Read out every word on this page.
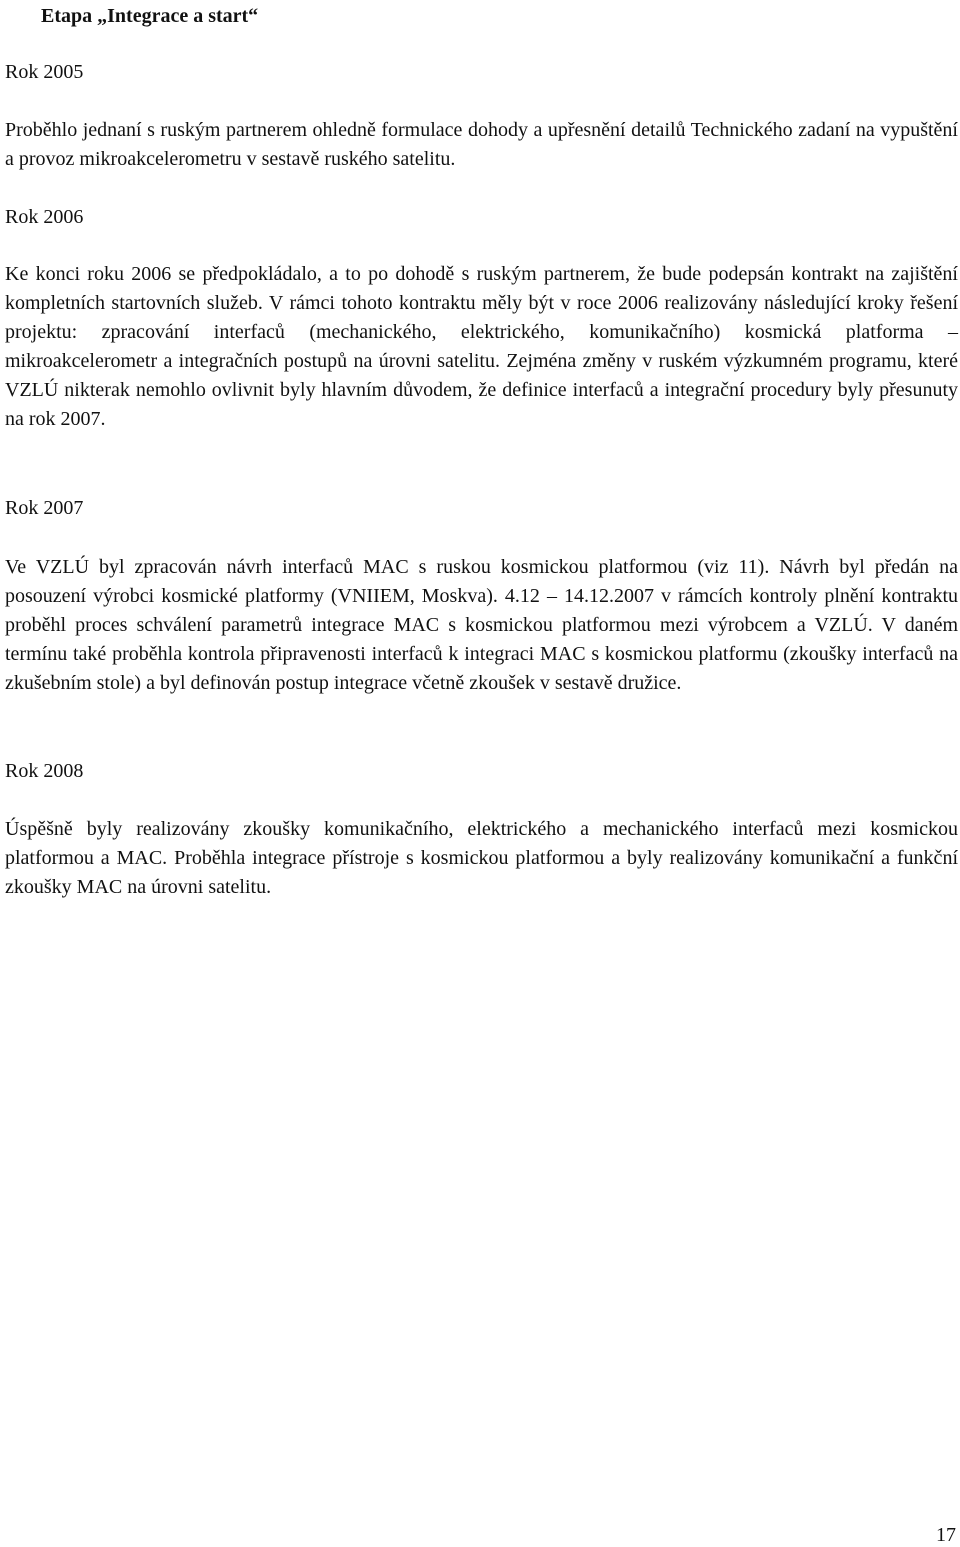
Etapa „Integrace a start“

Rok 2005

Proběhlo jednaní s ruským partnerem ohledně formulace dohody a upřesnění detailů Technického zadaní na vypuštění a provoz mikroakcelerometru v sestavě ruského satelitu.

Rok 2006

Ke konci roku 2006 se předpokládalo, a to po dohodě s ruským partnerem, že bude podepsán kontrakt na zajištění kompletních startovních služeb. V rámci tohoto kontraktu měly být v roce 2006 realizovány následující kroky řešení projektu: zpracování interfaců (mechanického, elektrického, komunikačního) kosmická platforma – mikroakcelerometr a integračních postupů na úrovni satelitu. Zejména změny v ruském výzkumném programu, které VZLÚ nikterak nemohlo ovlivnit byly hlavním důvodem, že definice interfaců a integrační procedury byly přesunuty na rok 2007.

Rok 2007

Ve VZLÚ byl zpracován návrh interfaců MAC s ruskou kosmickou platformou (viz 11). Návrh byl předán na posouzení výrobci kosmické platformy (VNIIEM, Moskva). 4.12 – 14.12.2007 v rámcích kontroly plnění kontraktu proběhl proces schválení parametrů integrace MAC s kosmickou platformou mezi výrobcem a VZLÚ. V daném termínu také proběhla kontrola připravenosti interfaců k integraci MAC s kosmickou platformu (zkoušky interfaců na zkušebním stole) a byl definován postup integrace včetně zkoušek v sestavě družice.

Rok 2008

Úspěšně byly realizovány zkoušky komunikačního, elektrického a mechanického interfaců mezi kosmickou platformou a MAC. Proběhla integrace přístroje s kosmickou platformou a byly realizovány komunikační a funkční zkoušky MAC na úrovni satelitu.

17
